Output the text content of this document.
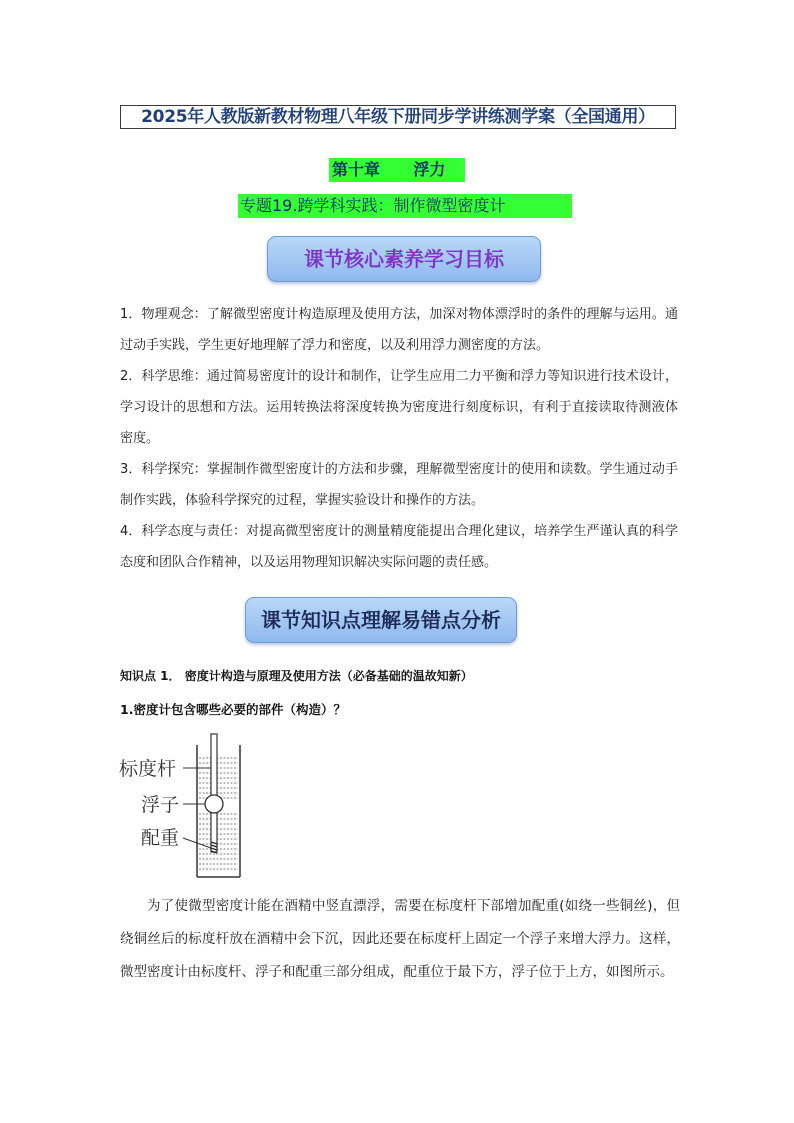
2025年人教版新教材物理八年级下册同步学讲练测学案（全国通用）
第十章      浮力
专题19.跨学科实践：制作微型密度计
课节核心素养学习目标

1．物理观念：了解微型密度计构造原理及使用方法，加深对物体漂浮时的条件的理解与运用。通过动手实践，学生更好地理解了浮力和密度，以及利用浮力测密度的方法。

2．科学思维：通过简易密度计的设计和制作，让学生应用二力平衡和浮力等知识进行技术设计，学习设计的思想和方法。运用转换法将深度转换为密度进行刻度标识，有利于直接读取待测液体密度。

3．科学探究：掌握制作微型密度计的方法和步骤，理解微型密度计的使用和读数。学生通过动手制作实践，体验科学探究的过程，掌握实验设计和操作的方法。

4．科学态度与责任：对提高微型密度计的测量精度能提出合理化建议，培养学生严谨认真的科学态度和团队合作精神，以及运用物理知识解决实际问题的责任感。

课节知识点理解易错点分析
知识点 1． 密度计构造与原理及使用方法（必备基础的温故知新）
1.密度计包含哪些必要的部件（构造）？
标度杆
浮子
配重

为了使微型密度计能在酒精中竖直漂浮，需要在标度杆下部增加配重(如绕一些铜丝)，但绕铜丝后的标度杆放在酒精中会下沉，因此还要在标度杆上固定一个浮子来增大浮力。这样，微型密度计由标度杆、浮子和配重三部分组成，配重位于最下方，浮子位于上方，如图所示。
